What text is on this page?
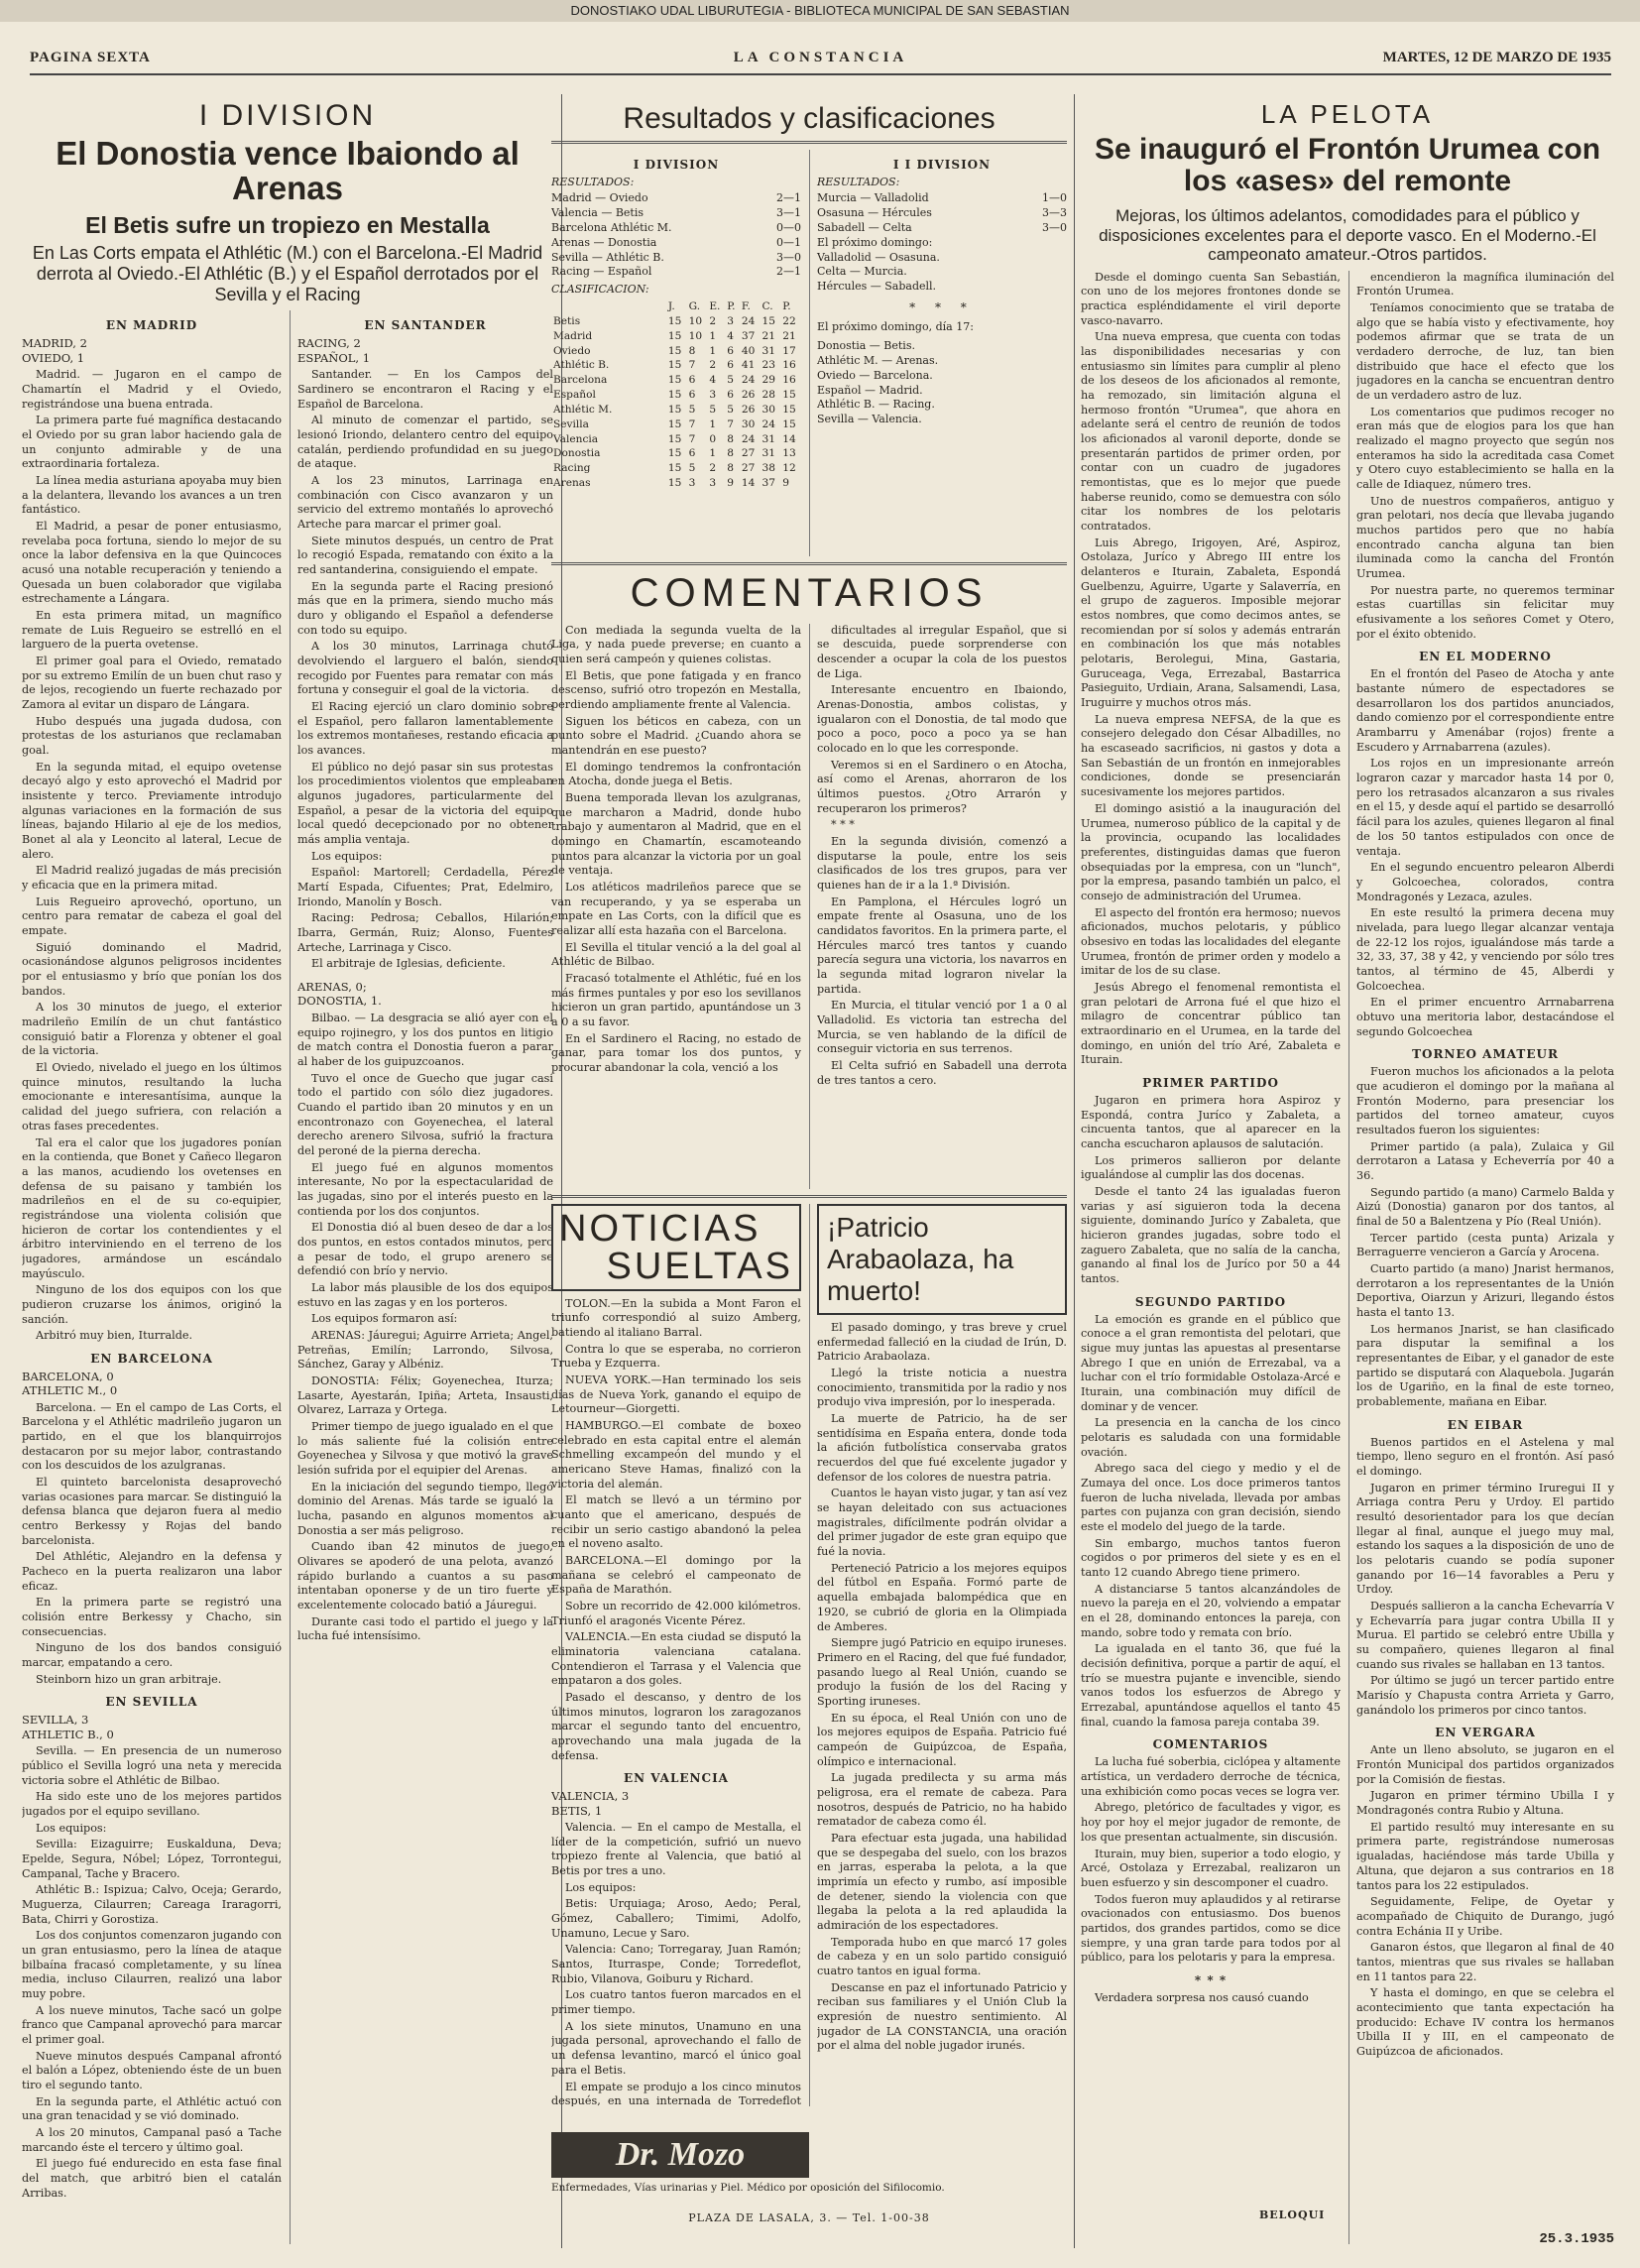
DONOSTIAKO UDAL LIBURUTEGIA - BIBLIOTECA MUNICIPAL DE SAN SEBASTIAN
PAGINA SEXTA	LA CONSTANCIA	MARTES, 12 DE MARZO DE 1935
I DIVISION
El Donostia vence Ibaiondo al Arenas
El Betis sufre un tropiezo en Mestalla

En Las Corts empata el Athlétic (M.) con el Barcelona.-El Madrid derrota al Oviedo.-El Athlétic (B.) y el Español derrotados por el Sevilla y el Racing

EN MADRID
MADRID, 2
OVIEDO, 1

Madrid. — Jugaron en el campo de Chamartín el Madrid y el Oviedo, registrándose una buena entrada.

La primera parte fué magnífica destacando el Oviedo por su gran labor haciendo gala de un conjunto admirable y de una extraordinaria fortaleza.

La línea media asturiana apoyaba muy bien a la delantera, llevando los avances a un tren fantástico.

El Madrid, a pesar de poner entusiasmo, revelaba poca fortuna, siendo lo mejor de su once la labor defensiva en la que Quincoces acusó una notable recuperación y teniendo a Quesada un buen colaborador que vigilaba estrechamente a Lángara.

En esta primera mitad, un magnífico remate de Luis Regueiro se estrelló en el larguero de la puerta ovetense.

El primer goal para el Oviedo, rematado por su extremo Emilín de un buen chut raso y de lejos, recogiendo un fuerte rechazado por Zamora al evitar un disparo de Lángara.

Hubo después una jugada dudosa, con protestas de los asturianos que reclamaban goal.

En la segunda mitad, el equipo ovetense decayó algo y esto aprovechó el Madrid por insistente y terco. Previamente introdujo algunas variaciones en la formación de sus líneas, bajando Hilario al eje de los medios, Bonet al ala y Leoncito al lateral, Lecue de alero.

El Madrid realizó jugadas de más precisión y eficacia que en la primera mitad.

Luis Regueiro aprovechó, oportuno, un centro para rematar de cabeza el goal del empate.

Siguió dominando el Madrid, ocasionándose algunos peligrosos incidentes por el entusiasmo y brío que ponían los dos bandos.

A los 30 minutos de juego, el exterior madrileño Emilín de un chut fantástico consiguió batir a Florenza y obtener el goal de la victoria.

El Oviedo, nivelado el juego en los últimos quince minutos, resultando la lucha emocionante e interesantísima, aunque la calidad del juego sufriera, con relación a otras fases precedentes.

Tal era el calor que los jugadores ponían en la contienda, que Bonet y Cañeco llegaron a las manos, acudiendo los ovetenses en defensa de su paisano y también los madrileños en el de su co-equipier, registrándose una violenta colisión que hicieron de cortar los contendientes y el árbitro interviniendo en el terreno de los jugadores, armándose un escándalo mayúsculo.

Ninguno de los dos equipos con los que pudieron cruzarse los ánimos, originó la sanción.

Arbitró muy bien, Iturralde.

EN BARCELONA
BARCELONA, 0
ATHLETIC M., 0

Barcelona. — En el campo de Las Corts, el Barcelona y el Athlétic madrileño jugaron un partido, en el que los blanquirrojos destacaron por su mejor labor, contrastando con los descuidos de los azulgranas.

El quinteto barcelonista desaprovechó varias ocasiones para marcar. Se distinguió la defensa blanca que dejaron fuera al medio centro Berkessy y Rojas del bando barcelonista.

Del Athlétic, Alejandro en la defensa y Pacheco en la puerta realizaron una labor eficaz.

En la primera parte se registró una colisión entre Berkessy y Chacho, sin consecuencias.

Ninguno de los dos bandos consiguió marcar, empatando a cero.

Steinborn hizo un gran arbitraje.

EN SEVILLA
SEVILLA, 3
ATHLETIC B., 0

Sevilla. — En presencia de un numeroso público el Sevilla logró una neta y merecida victoria sobre el Athlétic de Bilbao.

Ha sido este uno de los mejores partidos jugados por el equipo sevillano.

Los equipos:

Sevilla: Eizaguirre; Euskalduna, Deva; Epelde, Segura, Nóbel; López, Torrontegui, Campanal, Tache y Bracero.

Athlétic B.: Ispizua; Calvo, Oceja; Gerardo, Muguerza, Cilaurren; Careaga Iraragorri, Bata, Chirri y Gorostiza.

Los dos conjuntos comenzaron jugando con un gran entusiasmo, pero la línea de ataque bilbaína fracasó completamente, y su línea media, incluso Cilaurren, realizó una labor muy pobre.

A los nueve minutos, Tache sacó un golpe franco que Campanal aprovechó para marcar el primer goal.

Nueve minutos después Campanal afrontó el balón a López, obteniendo éste de un buen tiro el segundo tanto.

En la segunda parte, el Athlétic actuó con una gran tenacidad y se vió dominado.

A los 20 minutos, Campanal pasó a Tache marcando éste el tercero y último goal.

El juego fué endurecido en esta fase final del match, que arbitró bien el catalán Arribas.

EN SANTANDER
RACING, 2
ESPAÑOL, 1

Santander. — En los Campos del Sardinero se encontraron el Racing y el Español de Barcelona.

Al minuto de comenzar el partido, se lesionó Iriondo, delantero centro del equipo catalán, perdiendo profundidad en su juego de ataque.

A los 23 minutos, Larrinaga en combinación con Cisco avanzaron y un servicio del extremo montañés lo aprovechó Arteche para marcar el primer goal.

Siete minutos después, un centro de Prat lo recogió Espada, rematando con éxito a la red santanderina, consiguiendo el empate.

En la segunda parte el Racing presionó más que en la primera, siendo mucho más duro y obligando el Español a defenderse con todo su equipo.

A los 30 minutos, Larrinaga chutó devolviendo el larguero el balón, siendo recogido por Fuentes para rematar con más fortuna y conseguir el goal de la victoria.

El Racing ejerció un claro dominio sobre el Español, pero fallaron lamentablemente los extremos montañeses, restando eficacia a los avances.

El público no dejó pasar sin sus protestas los procedimientos violentos que empleaban algunos jugadores, particularmente del Español, a pesar de la victoria del equipo local quedó decepcionado por no obtener más amplia ventaja.

Los equipos:

Español: Martorell; Cerdadella, Pérez Martí Espada, Cifuentes; Prat, Edelmiro, Iriondo, Manolín y Bosch.

Racing: Pedrosa; Ceballos, Hilarión; Ibarra, Germán, Ruiz; Alonso, Fuentes Arteche, Larrinaga y Cisco.

El arbitraje de Iglesias, deficiente.

ARENAS, 0;
DONOSTIA, 1.

Bilbao. — La desgracia se alió ayer con el equipo rojinegro, y los dos puntos en litigio de match contra el Donostia fueron a parar al haber de los guipuzcoanos.

Tuvo el once de Guecho que jugar casi todo el partido con sólo diez jugadores. Cuando el partido iban 20 minutos y en un encontronazo con Goyenechea, el lateral derecho arenero Silvosa, sufrió la fractura del peroné de la pierna derecha.

El juego fué en algunos momentos interesante, No por la espectacularidad de las jugadas, sino por el interés puesto en la contienda por los dos conjuntos.

El Donostia dió al buen deseo de dar a los dos puntos, en estos contados minutos, pero a pesar de todo, el grupo arenero se defendió con brío y nervio.

La labor más plausible de los dos equipos estuvo en las zagas y en los porteros.

Los equipos formaron así:

ARENAS: Jáuregui; Aguirre Arrieta; Angel, Petreñas, Emilín; Larrondo, Silvosa, Sánchez, Garay y Albéniz.

DONOSTIA: Félix; Goyenechea, Iturza; Lasarte, Ayestarán, Ipiña; Arteta, Insausti, Olvarez, Larraza y Ortega.

Primer tiempo de juego igualado en el que lo más saliente fué la colisión entre Goyenechea y Silvosa y que motivó la grave lesión sufrida por el equipier del Arenas.

En la iniciación del segundo tiempo, llegó dominio del Arenas. Más tarde se igualó la lucha, pasando en algunos momentos al Donostia a ser más peligroso.

Cuando iban 42 minutos de juego, Olivares se apoderó de una pelota, avanzó rápido burlando a cuantos a su paso intentaban oponerse y de un tiro fuerte y excelentemente colocado batió a Jáuregui.

Durante casi todo el partido el juego y la lucha fué intensísimo.

Resultados y clasificaciones
I DIVISION
RESULTADOS:
Madrid — Oviedo	2—1
Valencia — Betis	3—1
Barcelona Athlétic M.	0—0
Arenas — Donostia	0—1
Sevilla — Athlétic B.	3—0
Racing — Español	2—1
CLASIFICACION:
	J.	G.	E.	P.	F.	C.	P.
Betis	15	10	2	3	24	15	22
Madrid	15	10	1	4	37	21	21
Oviedo	15	8	1	6	40	31	17
Athlétic B.	15	7	2	6	41	23	16
Barcelona	15	6	4	5	24	29	16
Español	15	6	3	6	26	28	15
Athlétic M.	15	5	5	5	26	30	15
Sevilla	15	7	1	7	30	24	15
Valencia	15	7	0	8	24	31	14
Donostia	15	6	1	8	27	31	13
Racing	15	5	2	8	27	38	12
Arenas	15	3	3	9	14	37	9
I I DIVISION
RESULTADOS:
Murcia — Valladolid	1—0
Osasuna — Hércules	3—3
Sabadell — Celta	3—0
El próximo domingo:
Valladolid — Osasuna.
Celta — Murcia.
Hércules — Sabadell.
* * *
El próximo domingo, día 17:
Donostia — Betis.
Athlétic M. — Arenas.
Oviedo — Barcelona.
Español — Madrid.
Athlétic B. — Racing.
Sevilla — Valencia.
COMENTARIOS

Con mediada la segunda vuelta de la Liga, y nada puede preverse; en cuanto a quien será campeón y quienes colistas.

El Betis, que pone fatigada y en franco descenso, sufrió otro tropezón en Mestalla, perdiendo ampliamente frente al Valencia.

Siguen los béticos en cabeza, con un punto sobre el Madrid. ¿Cuando ahora se mantendrán en ese puesto?

El domingo tendremos la confrontación en Atocha, donde juega el Betis.

Buena temporada llevan los azulgranas, que marcharon a Madrid, donde hubo trabajo y aumentaron al Madrid, que en el domingo en Chamartín, escamoteando puntos para alcanzar la victoria por un goal de ventaja.

Los atléticos madrileños parece que se van recuperando, y ya se esperaba un empate en Las Corts, con la difícil que es realizar allí esta hazaña con el Barcelona.

El Sevilla el titular venció a la del goal al Athlétic de Bilbao.

Fracasó totalmente el Athlétic, fué en los más firmes puntales y por eso los sevillanos hicieron un gran partido, apuntándose un 3 a 0 a su favor.

En el Sardinero el Racing, no estado de ganar, para tomar los dos puntos, y procurar abandonar la cola, venció a los

dificultades al irregular Español, que si se descuida, puede sorprenderse con descender a ocupar la cola de los puestos de Liga.

Interesante encuentro en Ibaiondo, Arenas-Donostia, ambos colistas, y igualaron con el Donostia, de tal modo que poco a poco, poco a poco ya se han colocado en lo que les corresponde.

Veremos si en el Sardinero o en Atocha, así como el Arenas, ahorraron de los últimos puestos. ¿Otro Arrarón y recuperaron los primeros?

* * *

En la segunda división, comenzó a disputarse la poule, entre los seis clasificados de los tres grupos, para ver quienes han de ir a la 1.ª División.

En Pamplona, el Hércules logró un empate frente al Osasuna, uno de los candidatos favoritos. En la primera parte, el Hércules marcó tres tantos y cuando parecía segura una victoria, los navarros en la segunda mitad lograron nivelar la partida.

En Murcia, el titular venció por 1 a 0 al Valladolid. Es victoria tan estrecha del Murcia, se ven hablando de la difícil de conseguir victoria en sus terrenos.

El Celta sufrió en Sabadell una derrota de tres tantos a cero.

NOTICIAS
SUELTAS

TOLON.—En la subida a Mont Faron el triunfo correspondió al suizo Amberg, batiendo al italiano Barral.

Contra lo que se esperaba, no corrieron Trueba y Ezquerra.

NUEVA YORK.—Han terminado los seis días de Nueva York, ganando el equipo de Letourneur—Giorgetti.

HAMBURGO.—El combate de boxeo celebrado en esta capital entre el alemán Schmelling excampeón del mundo y el americano Steve Hamas, finalizó con la victoria del alemán.

El match se llevó a un término por cuanto que el americano, después de recibir un serio castigo abandonó la pelea en el noveno asalto.

BARCELONA.—El domingo por la mañana se celebró el campeonato de España de Marathón.

Sobre un recorrido de 42.000 kilómetros. Triunfó el aragonés Vicente Pérez.

VALENCIA.—En esta ciudad se disputó la eliminatoria valenciana catalana. Contendieron el Tarrasa y el Valencia que empataron a dos goles.

Pasado el descanso, y dentro de los últimos minutos, lograron los zaragozanos marcar el segundo tanto del encuentro, aprovechando una mala jugada de la defensa.

EN VALENCIA
VALENCIA, 3
BETIS, 1

Valencia. — En el campo de Mestalla, el líder de la competición, sufrió un nuevo tropiezo frente al Valencia, que batió al Betis por tres a uno.

Los equipos:

Betis: Urquiaga; Aroso, Aedo; Peral, Gómez, Caballero; Timimi, Adolfo, Unamuno, Lecue y Saro.

Valencia: Cano; Torregaray, Juan Ramón; Santos, Iturraspe, Conde; Torredeflot, Rubio, Vilanova, Goiburu y Richard.

Los cuatro tantos fueron marcados en el primer tiempo.

A los siete minutos, Unamuno en una jugada personal, aprovechando el fallo de un defensa levantino, marcó el único goal para el Betis.

El empate se produjo a los cinco minutos después, en una internada de Torredeflot

¡Patricio Arabaolaza, ha muerto!

El pasado domingo, y tras breve y cruel enfermedad falleció en la ciudad de Irún, D. Patricio Arabaolaza.

Llegó la triste noticia a nuestra conocimiento, transmitida por la radio y nos produjo viva impresión, por lo inesperada.

La muerte de Patricio, ha de ser sentidísima en España entera, donde toda la afición futbolística conservaba gratos recuerdos del que fué excelente jugador y defensor de los colores de nuestra patria.

Cuantos le hayan visto jugar, y tan así vez se hayan deleitado con sus actuaciones magistrales, difícilmente podrán olvidar a del primer jugador de este gran equipo que fué la novia.

Perteneció Patricio a los mejores equipos del fútbol en España. Formó parte de aquella embajada balompédica que en 1920, se cubrió de gloria en la Olimpiada de Amberes.

Siempre jugó Patricio en equipo iruneses. Primero en el Racing, del que fué fundador, pasando luego al Real Unión, cuando se produjo la fusión de los del Racing y Sporting iruneses.

En su época, el Real Unión con uno de los mejores equipos de España. Patricio fué campeón de Guipúzcoa, de España, olímpico e internacional.

La jugada predilecta y su arma más peligrosa, era el remate de cabeza. Para nosotros, después de Patricio, no ha habido rematador de cabeza como él.

Para efectuar esta jugada, una habilidad que se despegaba del suelo, con los brazos en jarras, esperaba la pelota, a la que imprimía un efecto y rumbo, así imposible de detener, siendo la violencia con que llegaba la pelota a la red aplaudida la admiración de los espectadores.

Temporada hubo en que marcó 17 goles de cabeza y en un solo partido consiguió cuatro tantos en igual forma.

Descanse en paz el infortunado Patricio y reciban sus familiares y el Unión Club la expresión de nuestro sentimiento. Al jugador de LA CONSTANCIA, una oración por el alma del noble jugador irunés.

Dr. Mozo
Enfermedades, Vías urinarias y Piel. Médico por oposición del Sifilocomio.
PLAZA DE LASALA, 3. — Tel. 1-00-38
LA PELOTA
Se inauguró el Frontón Urumea con los «ases» del remonte

Mejoras, los últimos adelantos, comodidades para el público y disposiciones excelentes para el deporte vasco. En el Moderno.-El campeonato amateur.-Otros partidos.

Desde el domingo cuenta San Sebastián, con uno de los mejores frontones donde se practica espléndidamente el viril deporte vasco-navarro.

Una nueva empresa, que cuenta con todas las disponibilidades necesarias y con entusiasmo sin límites para cumplir al pleno de los deseos de los aficionados al remonte, ha remozado, sin limitación alguna el hermoso frontón "Urumea", que ahora en adelante será el centro de reunión de todos los aficionados al varonil deporte, donde se presentarán partidos de primer orden, por contar con un cuadro de jugadores remontistas, que es lo mejor que puede haberse reunido, como se demuestra con sólo citar los nombres de los pelotaris contratados.

Luis Abrego, Irigoyen, Aré, Aspiroz, Ostolaza, Juríco y Abrego III entre los delanteros e Iturain, Zabaleta, Espondá Guelbenzu, Aguirre, Ugarte y Salaverría, en el grupo de zagueros. Imposible mejorar estos nombres, que como decimos antes, se recomiendan por sí solos y además entrarán en combinación los que más notables pelotaris, Berolegui, Mina, Gastaria, Guruceaga, Vega, Errezabal, Bastarrica Pasieguito, Urdiain, Arana, Salsamendi, Lasa, Iruguirre y muchos otros más.

La nueva empresa NEFSA, de la que es consejero delegado don César Albadilles, no ha escaseado sacrificios, ni gastos y dota a San Sebastián de un frontón en inmejorables condiciones, donde se presenciarán sucesivamente los mejores partidos.

El domingo asistió a la inauguración del Urumea, numeroso público de la capital y de la provincia, ocupando las localidades preferentes, distinguidas damas que fueron obsequiadas por la empresa, con un "lunch", por la empresa, pasando también un palco, el consejo de administración del Urumea.

El aspecto del frontón era hermoso; nuevos aficionados, muchos pelotaris, y público obsesivo en todas las localidades del elegante Urumea, frontón de primer orden y modelo a imitar de los de su clase.

Jesús Abrego el fenomenal remontista el gran pelotari de Arrona fué el que hizo el milagro de concentrar público tan extraordinario en el Urumea, en la tarde del domingo, en unión del trío Aré, Zabaleta e Iturain.

PRIMER PARTIDO

Jugaron en primera hora Aspiroz y Espondá, contra Juríco y Zabaleta, a cincuenta tantos, que al aparecer en la cancha escucharon aplausos de salutación.

Los primeros sallieron por delante igualándose al cumplir las dos docenas.

Desde el tanto 24 las igualadas fueron varias y así siguieron toda la decena siguiente, dominando Juríco y Zabaleta, que hicieron grandes jugadas, sobre todo el zaguero Zabaleta, que no salía de la cancha, ganando al final los de Juríco por 50 a 44 tantos.

SEGUNDO PARTIDO

La emoción es grande en el público que conoce a el gran remontista del pelotari, que sigue muy juntas las apuestas al presentarse Abrego I que en unión de Errezabal, va a luchar con el trío formidable Ostolaza-Arcé e Iturain, una combinación muy difícil de dominar y de vencer.

La presencia en la cancha de los cinco pelotaris es saludada con una formidable ovación.

Abrego saca del ciego y medio y el de Zumaya del once. Los doce primeros tantos fueron de lucha nivelada, llevada por ambas partes con pujanza con gran decisión, siendo este el modelo del juego de la tarde.

Sin embargo, muchos tantos fueron cogidos o por primeros del siete y es en el tanto 12 cuando Abrego tiene primero.

A distanciarse 5 tantos alcanzándoles de nuevo la pareja en el 20, volviendo a empatar en el 28, dominando entonces la pareja, con mando, sobre todo y remata con brío.

La igualada en el tanto 36, que fué la decisión definitiva, porque a partir de aquí, el trío se muestra pujante e invencible, siendo vanos todos los esfuerzos de Abrego y Errezabal, apuntándose aquellos el tanto 45 final, cuando la famosa pareja contaba 39.

COMENTARIOS

La lucha fué soberbia, ciclópea y altamente artística, un verdadero derroche de técnica, una exhibición como pocas veces se logra ver.

Abrego, pletórico de facultades y vigor, es hoy por hoy el mejor jugador de remonte, de los que presentan actualmente, sin discusión.

Iturain, muy bien, superior a todo elogio, y Arcé, Ostolaza y Errezabal, realizaron un buen esfuerzo y sin descomponer el cuadro.

Todos fueron muy aplaudidos y al retirarse ovacionados con entusiasmo. Dos buenos partidos, dos grandes partidos, como se dice siempre, y una gran tarde para todos por al público, para los pelotaris y para la empresa.

* * *

Verdadera sorpresa nos causó cuando

encendieron la magnífica iluminación del Frontón Urumea.

Teníamos conocimiento que se trataba de algo que se había visto y efectivamente, hoy podemos afirmar que se trata de un verdadero derroche, de luz, tan bien distribuido que hace el efecto que los jugadores en la cancha se encuentran dentro de un verdadero astro de luz.

Los comentarios que pudimos recoger no eran más que de elogios para los que han realizado el magno proyecto que según nos enteramos ha sido la acreditada casa Comet y Otero cuyo establecimiento se halla en la calle de Idiaquez, número tres.

Uno de nuestros compañeros, antiguo y gran pelotari, nos decía que llevaba jugando muchos partidos pero que no había encontrado cancha alguna tan bien iluminada como la cancha del Frontón Urumea.

Por nuestra parte, no queremos terminar estas cuartillas sin felicitar muy efusivamente a los señores Comet y Otero, por el éxito obtenido.

EN EL MODERNO

En el frontón del Paseo de Atocha y ante bastante número de espectadores se desarrollaron los dos partidos anunciados, dando comienzo por el correspondiente entre Arambarru y Amenábar (rojos) frente a Escudero y Arrnabarrena (azules).

Los rojos en un impresionante arreón lograron cazar y marcador hasta 14 por 0, pero los retrasados alcanzaron a sus rivales en el 15, y desde aquí el partido se desarrolló fácil para los azules, quienes llegaron al final de los 50 tantos estipulados con once de ventaja.

En el segundo encuentro pelearon Alberdi y Golcoechea, colorados, contra Mondragonés y Lezaca, azules.

En este resultó la primera decena muy nivelada, para luego llegar alcanzar ventaja de 22-12 los rojos, igualándose más tarde a 32, 33, 37, 38 y 42, y venciendo por sólo tres tantos, al término de 45, Alberdi y Golcoechea.

En el primer encuentro Arrnabarrena obtuvo una meritoria labor, destacándose el segundo Golcoechea

TORNEO AMATEUR

Fueron muchos los aficionados a la pelota que acudieron el domingo por la mañana al Frontón Moderno, para presenciar los partidos del torneo amateur, cuyos resultados fueron los siguientes:

Primer partido (a pala), Zulaica y Gil derrotaron a Latasa y Echeverría por 40 a 36.

Segundo partido (a mano) Carmelo Balda y Aizú (Donostia) ganaron por dos tantos, al final de 50 a Balentzena y Pío (Real Unión).

Tercer partido (cesta punta) Arizala y Berraguerre vencieron a García y Arocena.

Cuarto partido (a mano) Jnarist hermanos, derrotaron a los representantes de la Unión Deportiva, Oiarzun y Arizuri, llegando éstos hasta el tanto 13.

Los hermanos Jnarist, se han clasificado para disputar la semifinal a los representantes de Eibar, y el ganador de este partido se disputará con Alaquebola. Jugarán los de Ugariño, en la final de este torneo, probablemente, mañana en Eibar.

EN EIBAR

Buenos partidos en el Astelena y mal tiempo, lleno seguro en el frontón. Así pasó el domingo.

Jugaron en primer término Iruregui II y Arriaga contra Peru y Urdoy. El partido resultó desorientador para los que decían llegar al final, aunque el juego muy mal, estando los saques a la disposición de uno de los pelotaris cuando se podía suponer ganando por 16—14 favorables a Peru y Urdoy.

Después sallieron a la cancha Echevarría V y Echevarría para jugar contra Ubilla II y Murua. El partido se celebró entre Ubilla y su compañero, quienes llegaron al final cuando sus rivales se hallaban en 13 tantos.

Por último se jugó un tercer partido entre Marisío y Chapusta contra Arrieta y Garro, ganándolo los primeros por cinco tantos.

EN VERGARA

Ante un lleno absoluto, se jugaron en el Frontón Municipal dos partidos organizados por la Comisión de fiestas.

Jugaron en primer término Ubilla I y Mondragonés contra Rubio y Altuna.

El partido resultó muy interesante en su primera parte, registrándose numerosas igualadas, haciéndose más tarde Ubilla y Altuna, que dejaron a sus contrarios en 18 tantos para los 22 estipulados.

Seguidamente, Felipe, de Oyetar y acompañado de Chiquito de Durango, jugó contra Echánia II y Uribe.

Ganaron éstos, que llegaron al final de 40 tantos, mientras que sus rivales se hallaban en 11 tantos para 22.

Y hasta el domingo, en que se celebra el acontecimiento que tanta expectación ha producido: Echave IV contra los hermanos Ubilla II y III, en el campeonato de Guipúzcoa de aficionados.

25.3.1935
BELOQUI
